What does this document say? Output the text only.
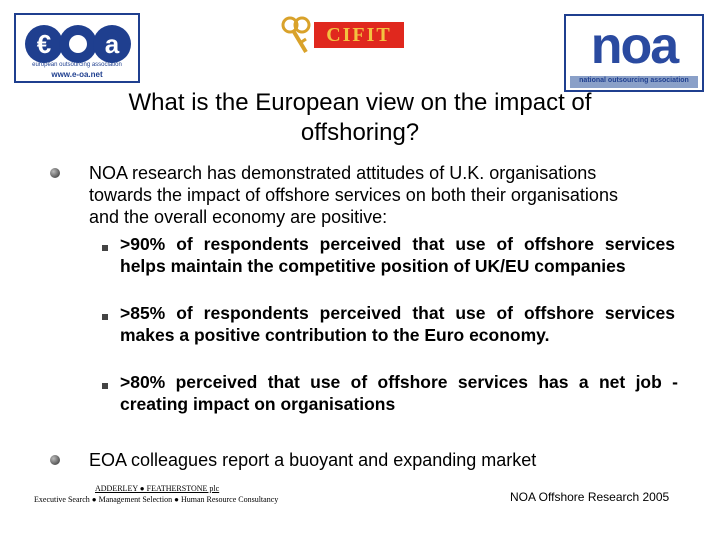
€ a
european outsourcing association
www.e-oa.net
CIFIT	noa
national outsourcing association
What is the European view on the impact of
offshoring?
NOA research has demonstrated attitudes of U.K. organisations
towards the impact of offshore services on both their organisations
and the overall economy are positive:
>90% of respondents perceived that use of offshore services helps maintain the competitive position of UK/EU companies
>85% of respondents perceived that use of offshore services makes a positive contribution to the Euro economy.
>80% perceived that use of offshore services has a net job -creating impact on organisations
EOA colleagues report a buoyant and expanding market
ADDERLEY ● FEATHERSTONE plc
Executive Search ● Management Selection ● Human Resource Consultancy	NOA Offshore Research 2005
